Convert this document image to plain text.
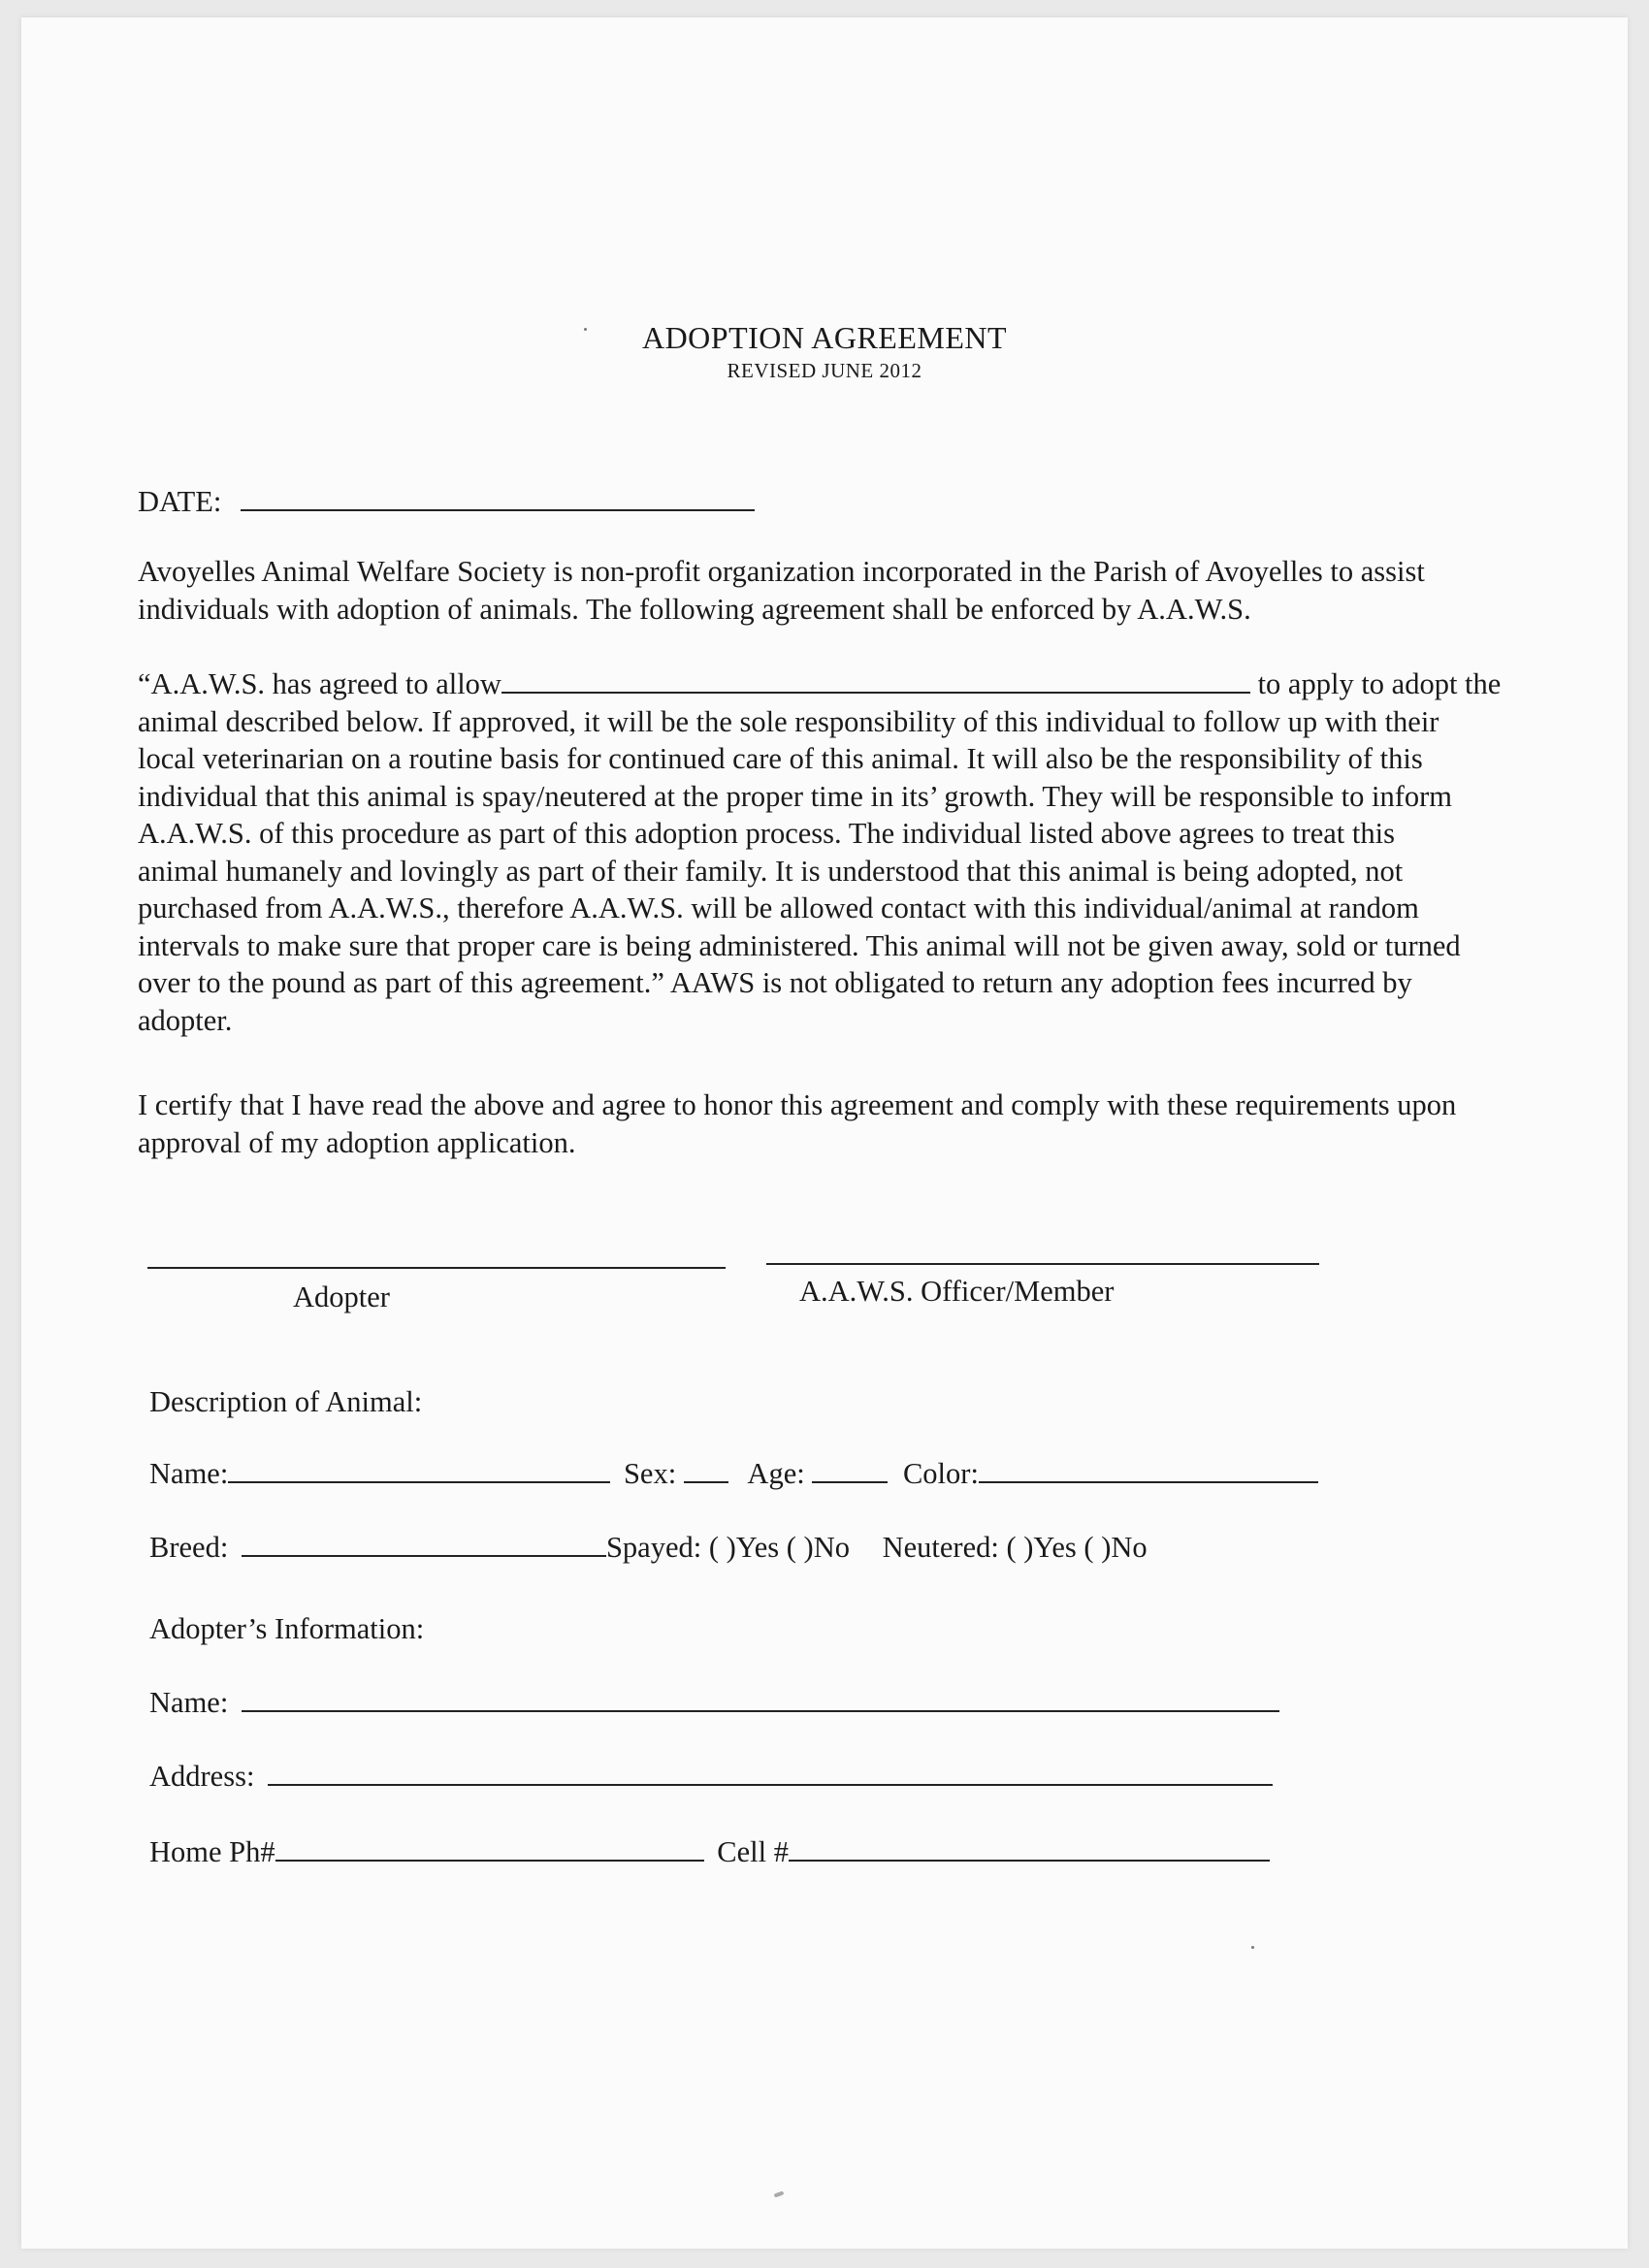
ADOPTION AGREEMENT
REVISED JUNE 2012
DATE:
Avoyelles Animal Welfare Society is non-profit organization incorporated in the Parish of Avoyelles to assist
individuals with adoption of animals. The following agreement shall be enforced by A.A.W.S.
“A.A.W.S. has agreed to allow	to apply to adopt the
animal described below. If approved, it will be the sole responsibility of this individual to follow up with their
local veterinarian on a routine basis for continued care of this animal. It will also be the responsibility of this
individual that this animal is spay/neutered at the proper time in its’ growth. They will be responsible to inform
A.A.W.S. of this procedure as part of this adoption process. The individual listed above agrees to treat this
animal humanely and lovingly as part of their family. It is understood that this animal is being adopted, not
purchased from A.A.W.S., therefore A.A.W.S. will be allowed contact with this individual/animal at random
intervals to make sure that proper care is being administered. This animal will not be given away, sold or turned
over to the pound as part of this agreement.” AAWS is not obligated to return any adoption fees incurred by
adopter.
I certify that I have read the above and agree to honor this agreement and comply with these requirements upon
approval of my adoption application.
Adopter	A.A.W.S. Officer/Member
Description of Animal:
Name:	Sex: Age:	Color:
Breed:	Spayed: ( )Yes ( )No Neutered: ( )Yes ( )No
Adopter’s Information:
Name:
Address:
Home Ph#	Cell #
